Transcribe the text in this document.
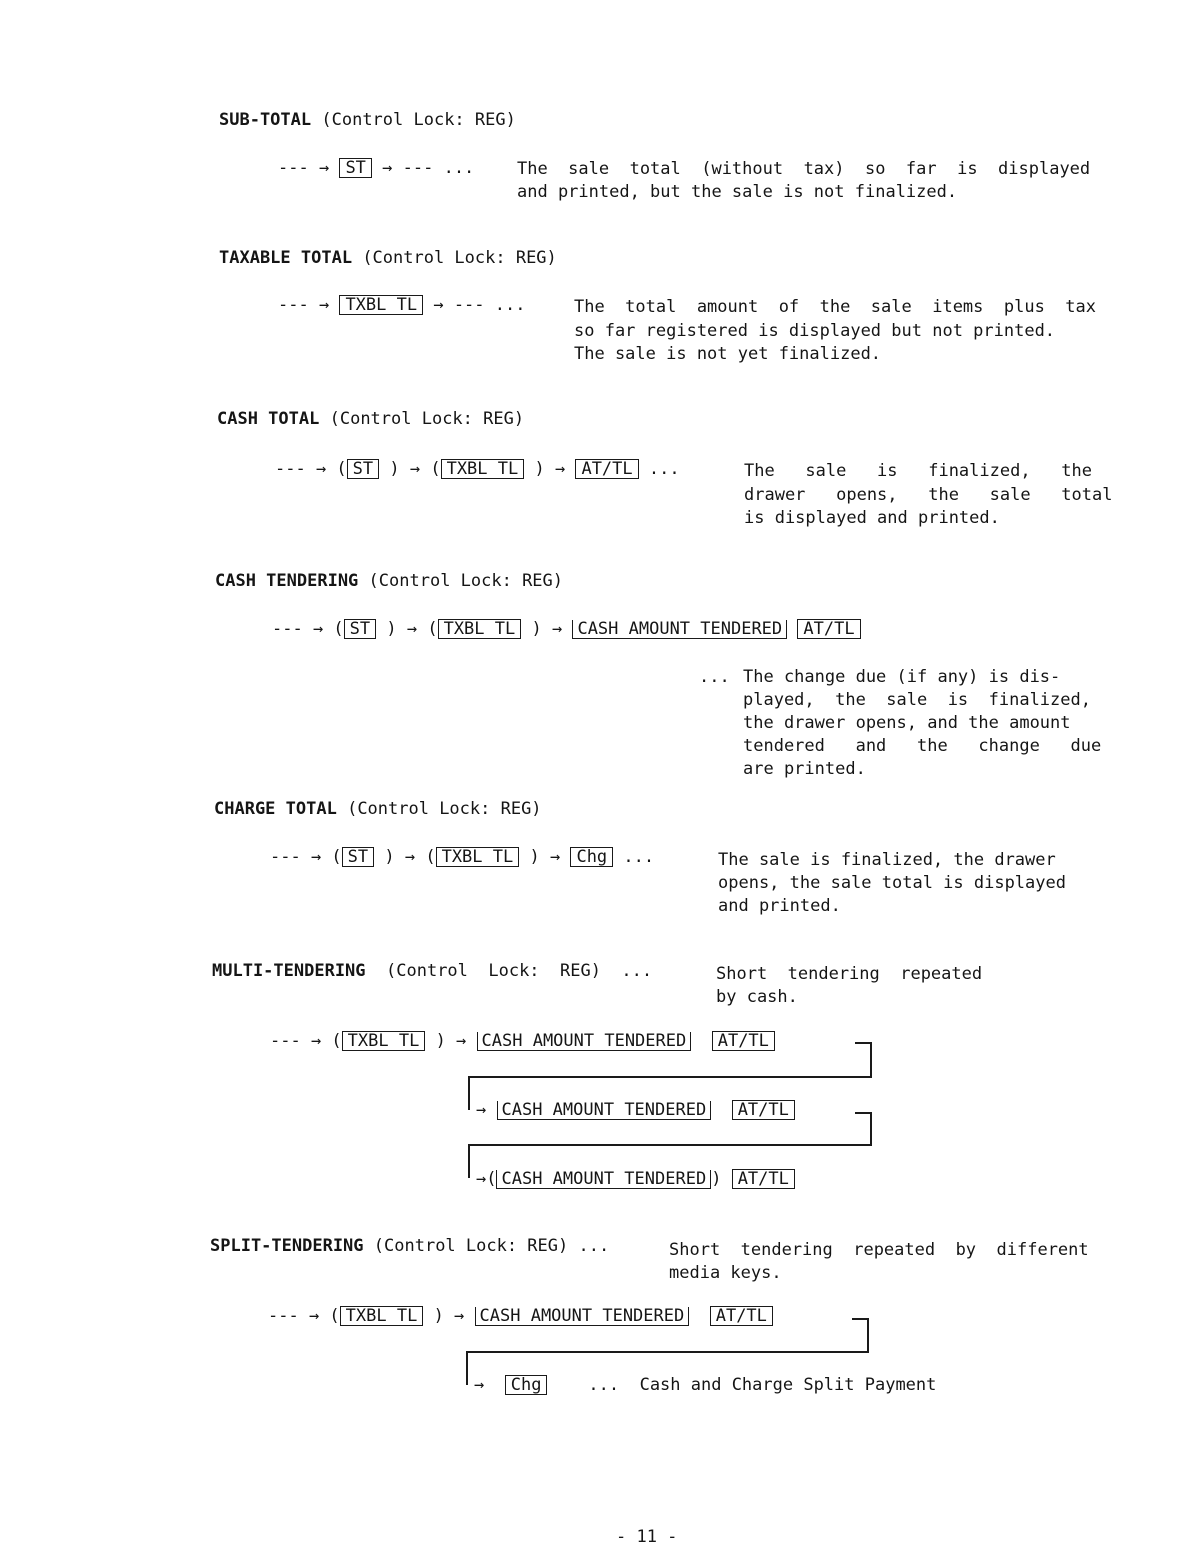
SUB-TOTAL (Control Lock: REG)
--- → ST → --- ...	The  sale  total  (without  tax)  so  far  is  displayed
and printed, but the sale is not finalized.
TAXABLE TOTAL (Control Lock: REG)
--- → TXBL TL → --- ...	The  total  amount  of  the  sale  items  plus  tax
so far registered is displayed but not printed.
The sale is not yet finalized.
CASH TOTAL (Control Lock: REG)
--- → ( ST ) → ( TXBL TL ) → AT/TL ...	The   sale   is   finalized,   the
drawer   opens,   the   sale   total
is displayed and printed.
CASH TENDERING (Control Lock: REG)
--- → ( ST ) → ( TXBL TL ) → CASH AMOUNT TENDERED AT/TL
... The change due (if any) is dis-
played,  the  sale  is  finalized,
the drawer opens, and the amount
tendered   and   the   change   due
are printed.
CHARGE TOTAL (Control Lock: REG)
--- → ( ST ) → ( TXBL TL ) → Chg ...	The sale is finalized, the drawer
opens, the sale total is displayed
and printed.
MULTI-TENDERING (Control  Lock:  REG)  ...	Short  tendering  repeated
by cash.
--- → ( TXBL TL ) → CASH AMOUNT TENDERED AT/TL
→ CASH AMOUNT TENDERED AT/TL
→( CASH AMOUNT TENDERED ) AT/TL
SPLIT-TENDERING (Control Lock: REG) ...	Short  tendering  repeated  by  different
media keys.
--- → ( TXBL TL ) → CASH AMOUNT TENDERED AT/TL
→ Chg	...  Cash and Charge Split Payment
- 11 -
